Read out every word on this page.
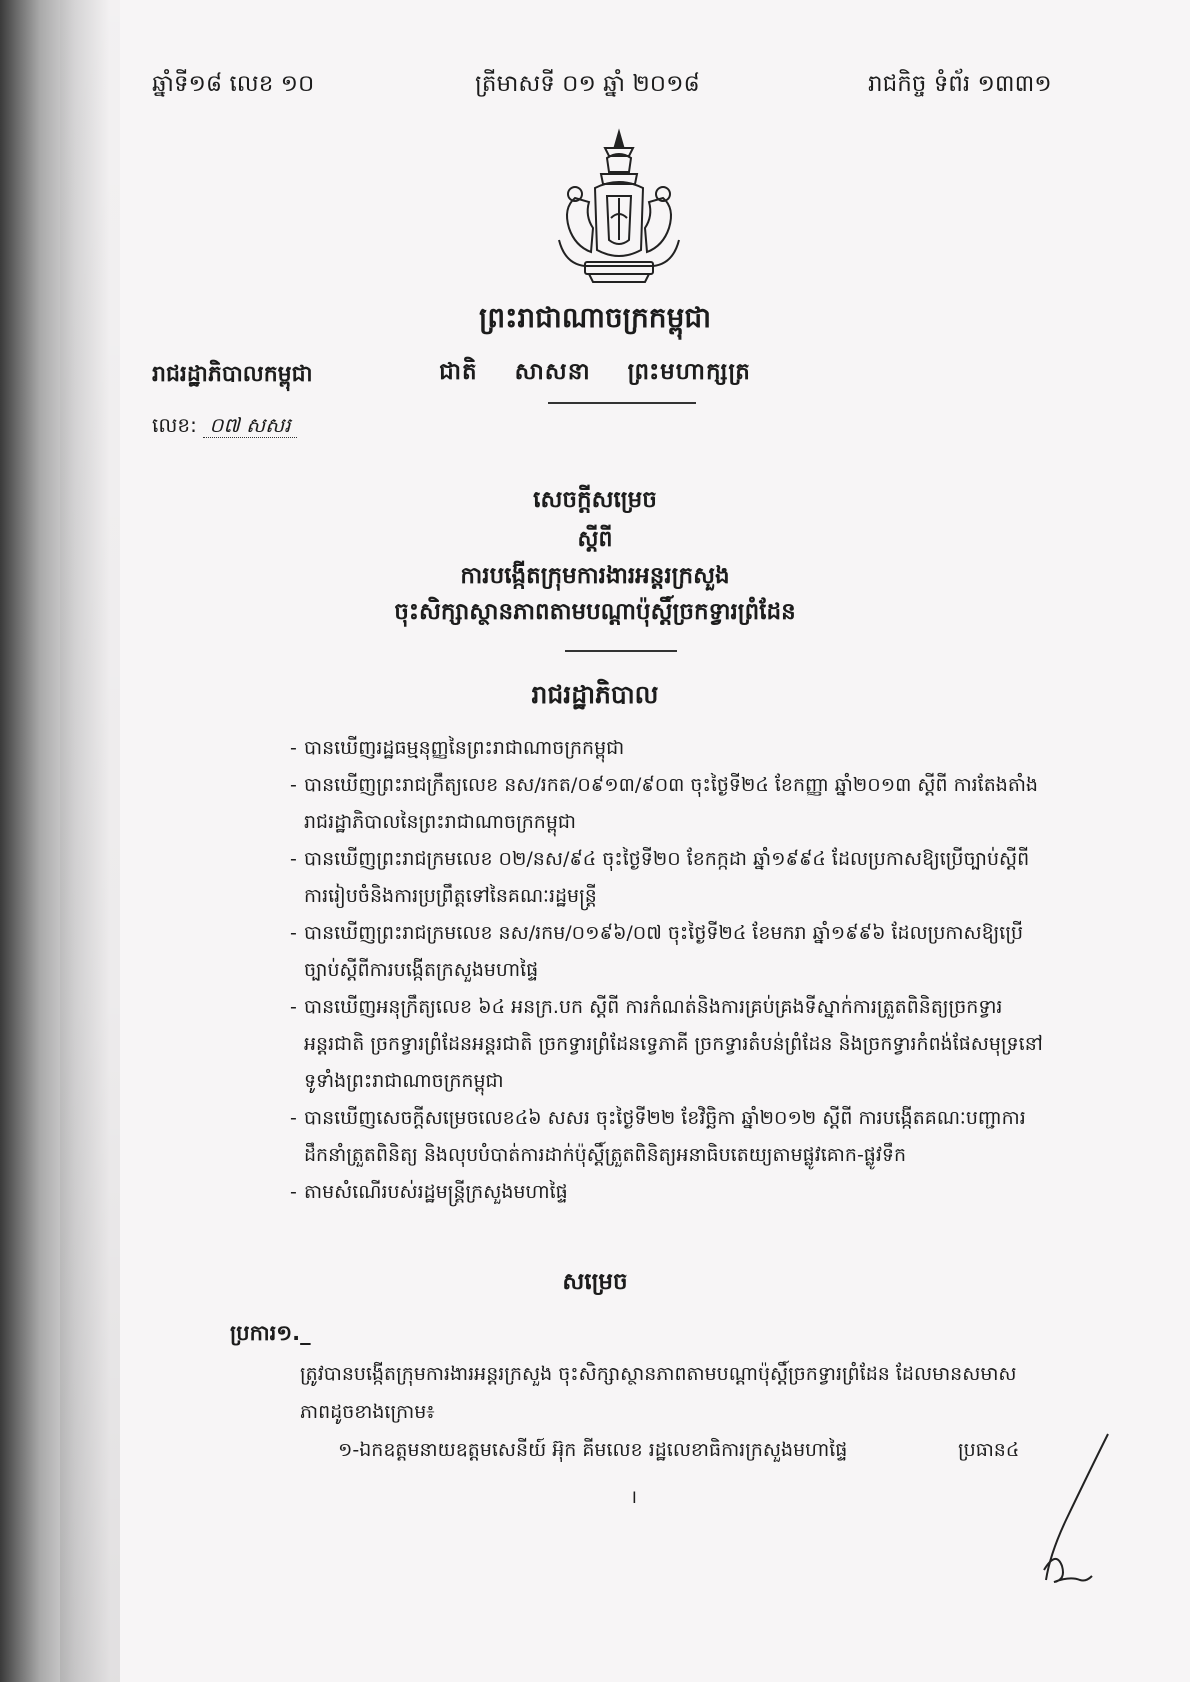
ឆ្នាំទី១៨ លេខ ១០	ត្រីមាសទី ០១ ឆ្នាំ ២០១៨	រាជកិច្ច ទំព័រ ១៣៣១
ព្រះរាជាណាចក្រកម្ពុជា
ជាតិ សាសនា ព្រះមហាក្សត្រ
រាជរដ្ឋាភិបាលកម្ពុជា
លេខ: ០៧ សសរ
សេចក្ដីសម្រេច
ស្ដីពី
ការបង្កើតក្រុមការងារអន្តរក្រសួង
ចុះសិក្សាស្ថានភាពតាមបណ្ដាប៉ុស្ដិ៍ច្រកទ្វារព្រំដែន
រាជរដ្ឋាភិបាល
- បានឃើញរដ្ឋធម្មនុញ្ញនៃព្រះរាជាណាចក្រកម្ពុជា
- បានឃើញព្រះរាជក្រឹត្យលេខ នស/រកត/០៩១៣/៩០៣ ចុះថ្ងៃទី២៤ ខែកញ្ញា ឆ្នាំ២០១៣ ស្ដីពី ការតែងតាំងរាជរដ្ឋាភិបាលនៃព្រះរាជាណាចក្រកម្ពុជា
- បានឃើញព្រះរាជក្រមលេខ ០២/នស/៩៤ ចុះថ្ងៃទី២០ ខែកក្កដា ឆ្នាំ១៩៩៤ ដែលប្រកាសឱ្យប្រើច្បាប់ស្ដីពីការរៀបចំនិងការប្រព្រឹត្តទៅនៃគណៈរដ្ឋមន្ត្រី
- បានឃើញព្រះរាជក្រមលេខ នស/រកម/០១៩៦/០៧ ចុះថ្ងៃទី២៤ ខែមករា ឆ្នាំ១៩៩៦ ដែលប្រកាសឱ្យប្រើច្បាប់ស្ដីពីការបង្កើតក្រសួងមហាផ្ទៃ
- បានឃើញអនុក្រឹត្យលេខ ៦៤ អនក្រ.បក ស្ដីពី ការកំណត់និងការគ្រប់គ្រងទីស្នាក់ការត្រួតពិនិត្យច្រកទ្វារអន្តរជាតិ ច្រកទ្វារព្រំដែនអន្តរជាតិ ច្រកទ្វារព្រំដែនទ្វេភាគី ច្រកទ្វារតំបន់ព្រំដែន និងច្រកទ្វារកំពង់ផែសមុទ្រនៅទូទាំងព្រះរាជាណាចក្រកម្ពុជា
- បានឃើញសេចក្ដីសម្រេចលេខ៤៦ សសរ ចុះថ្ងៃទី២២ ខែវិច្ឆិកា ឆ្នាំ២០១២ ស្ដីពី ការបង្កើតគណៈបញ្ជាការដឹកនាំត្រួតពិនិត្យ និងលុបបំបាត់ការដាក់ប៉ុស្ដិ៍ត្រួតពិនិត្យអនាធិបតេយ្យតាមផ្លូវគោក-ផ្លូវទឹក
- តាមសំណើរបស់រដ្ឋមន្ត្រីក្រសួងមហាផ្ទៃ
សម្រេច
ប្រការ១._
ត្រូវបានបង្កើតក្រុមការងារអន្តរក្រសួង ចុះសិក្សាស្ថានភាពតាមបណ្ដាប៉ុស្ដិ៍ច្រកទ្វារព្រំដែន ដែលមានសមាសភាពដូចខាងក្រោម៖
១-ឯកឧត្តមនាយឧត្តមសេនីយ៍ អ៊ុក គីមលេខ រដ្ឋលេខាធិការក្រសួងមហាផ្ទៃ	ប្រធាន៤
I
